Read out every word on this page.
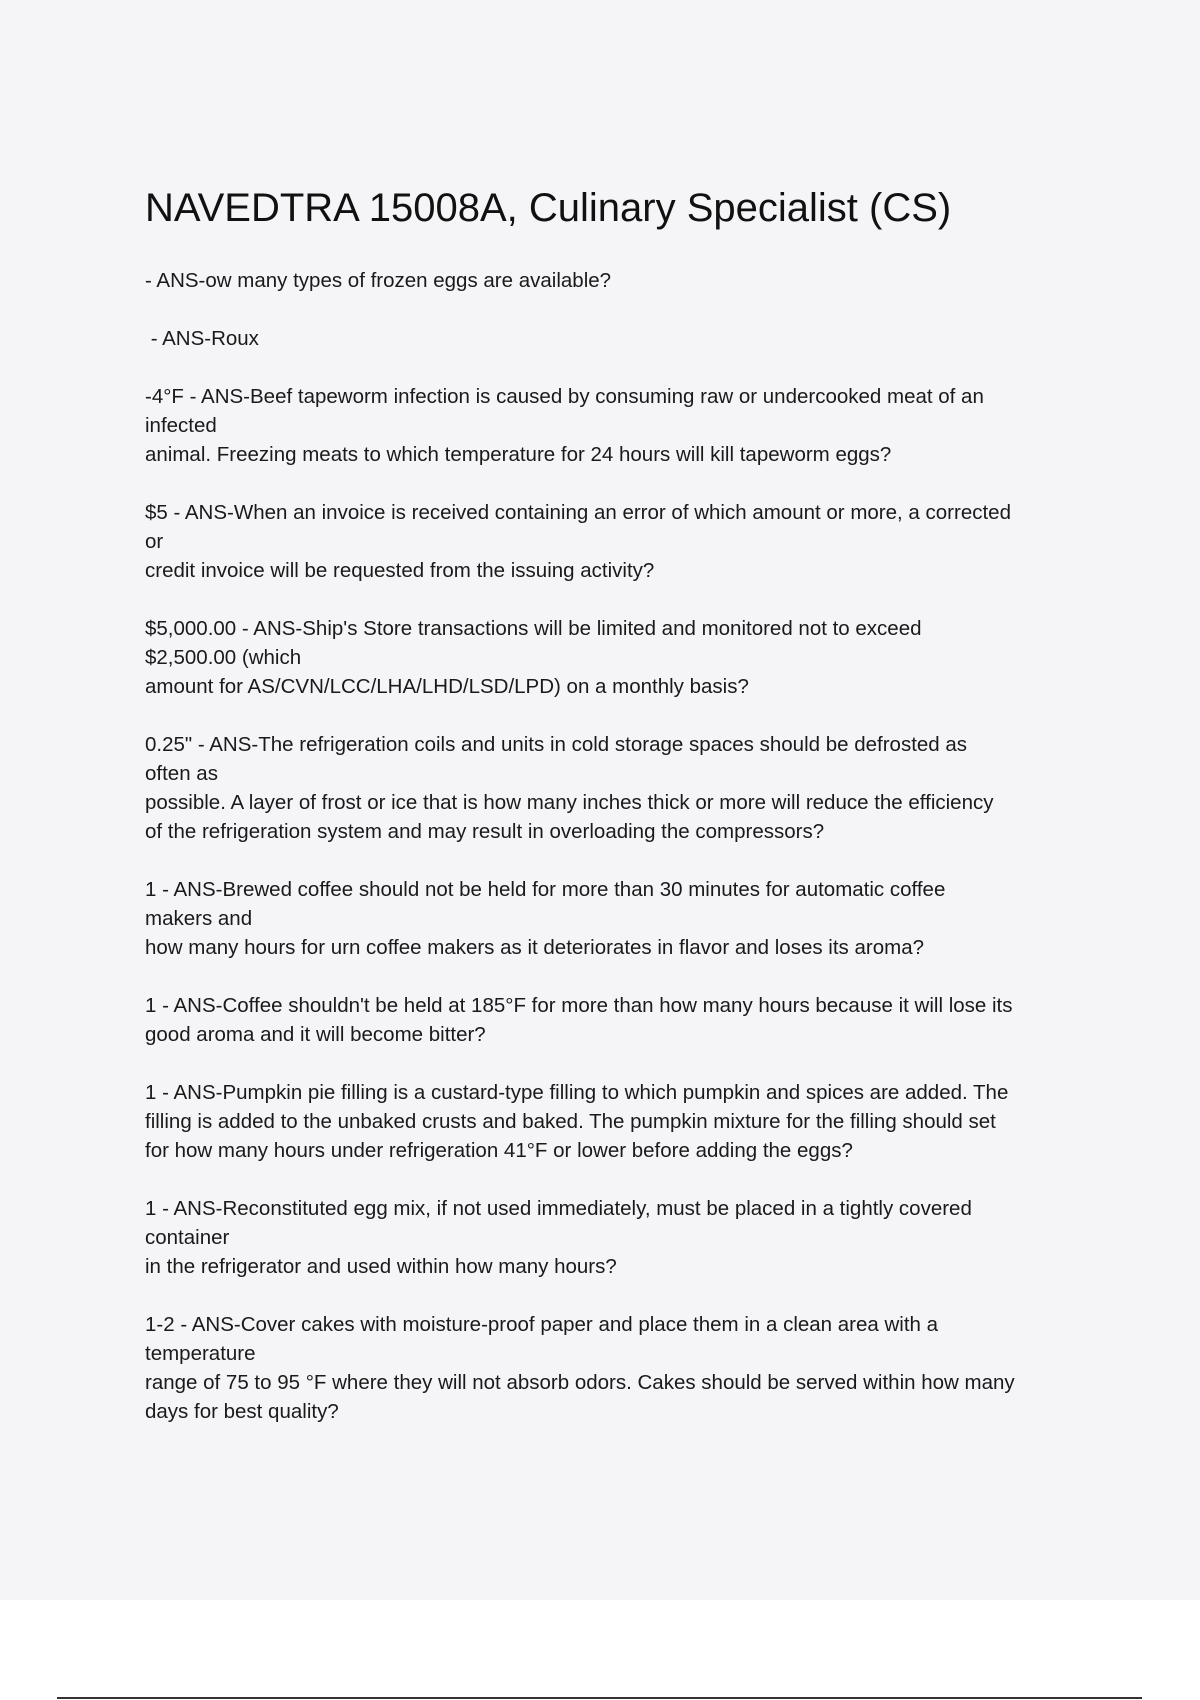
NAVEDTRA 15008A, Culinary Specialist (CS)
- ANS-ow many types of frozen eggs are available?
- ANS-Roux
-4°F - ANS-Beef tapeworm infection is caused by consuming raw or undercooked meat of an
infected
animal. Freezing meats to which temperature for 24 hours will kill tapeworm eggs?
$5 - ANS-When an invoice is received containing an error of which amount or more, a corrected
or
credit invoice will be requested from the issuing activity?
$5,000.00 - ANS-Ship's Store transactions will be limited and monitored not to exceed
$2,500.00 (which
amount for AS/CVN/LCC/LHA/LHD/LSD/LPD) on a monthly basis?
0.25" - ANS-The refrigeration coils and units in cold storage spaces should be defrosted as
often as
possible. A layer of frost or ice that is how many inches thick or more will reduce the efficiency
of the refrigeration system and may result in overloading the compressors?
1 - ANS-Brewed coffee should not be held for more than 30 minutes for automatic coffee
makers and
how many hours for urn coffee makers as it deteriorates in flavor and loses its aroma?
1 - ANS-Coffee shouldn't be held at 185°F for more than how many hours because it will lose its
good aroma and it will become bitter?
1 - ANS-Pumpkin pie filling is a custard-type filling to which pumpkin and spices are added. The
filling is added to the unbaked crusts and baked. The pumpkin mixture for the filling should set
for how many hours under refrigeration 41°F or lower before adding the eggs?
1 - ANS-Reconstituted egg mix, if not used immediately, must be placed in a tightly covered
container
in the refrigerator and used within how many hours?
1-2 - ANS-Cover cakes with moisture-proof paper and place them in a clean area with a
temperature
range of 75 to 95 °F where they will not absorb odors. Cakes should be served within how many
days for best quality?
